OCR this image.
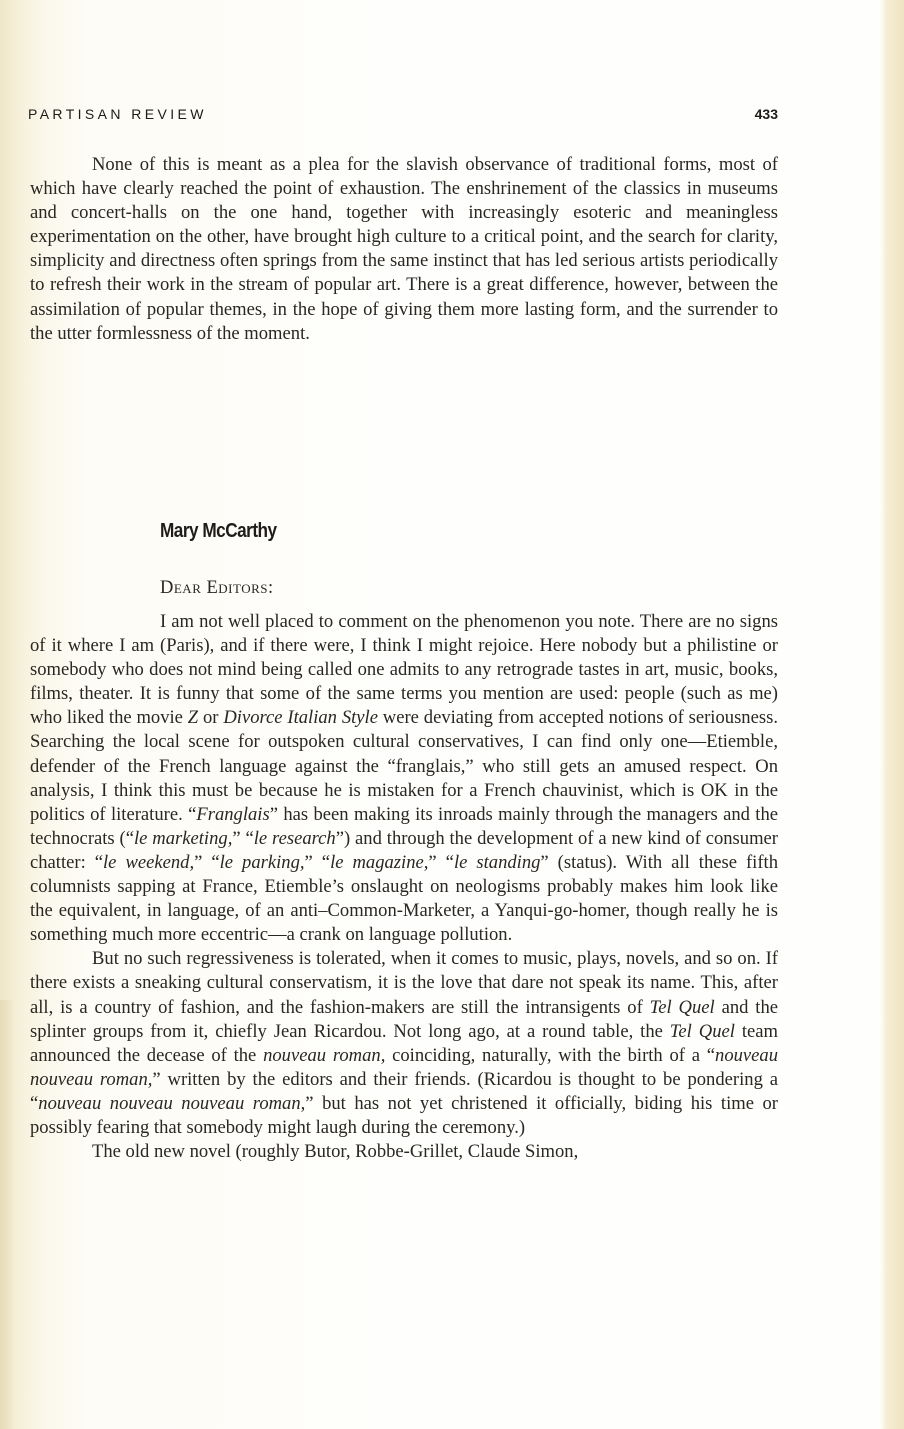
PARTISAN REVIEW	433

None of this is meant as a plea for the slavish observance of traditional forms, most of which have clearly reached the point of exhaustion. The enshrinement of the classics in museums and concert-halls on the one hand, together with increasingly esoteric and meaningless experimentation on the other, have brought high culture to a critical point, and the search for clarity, simplicity and directness often springs from the same instinct that has led serious artists periodically to refresh their work in the stream of popular art. There is a great difference, however, between the assimilation of popular themes, in the hope of giving them more lasting form, and the surrender to the utter formlessness of the moment.

Mary McCarthy
Dear Editors:

I am not well placed to comment on the phenomenon you note. There are no signs of it where I am (Paris), and if there were, I think I might rejoice. Here nobody but a philistine or somebody who does not mind being called one admits to any retrograde tastes in art, music, books, films, theater. It is funny that some of the same terms you mention are used: people (such as me) who liked the movie Z or Divorce Italian Style were deviating from accepted notions of seriousness. Searching the local scene for outspoken cultural conservatives, I can find only one—Etiemble, defender of the French language against the “franglais,” who still gets an amused respect. On analysis, I think this must be because he is mistaken for a French chauvinist, which is OK in the politics of literature. “Franglais” has been making its inroads mainly through the managers and the technocrats (“le marketing,” “le research”) and through the development of a new kind of consumer chatter: “le weekend,” “le parking,” “le magazine,” “le standing” (status). With all these fifth columnists sapping at France, Etiemble’s onslaught on neologisms probably makes him look like the equivalent, in language, of an anti–Common-Marketer, a Yanqui-go-homer, though really he is something much more eccentric—a crank on language pollution.

But no such regressiveness is tolerated, when it comes to music, plays, novels, and so on. If there exists a sneaking cultural conservatism, it is the love that dare not speak its name. This, after all, is a country of fashion, and the fashion-makers are still the intransigents of Tel Quel and the splinter groups from it, chiefly Jean Ricardou. Not long ago, at a round table, the Tel Quel team announced the decease of the nouveau roman, coinciding, naturally, with the birth of a “nouveau nouveau roman,” written by the editors and their friends. (Ricardou is thought to be pondering a “nouveau nouveau nouveau roman,” but has not yet christened it officially, biding his time or possibly fearing that somebody might laugh during the ceremony.)

The old new novel (roughly Butor, Robbe-Grillet, Claude Simon,
